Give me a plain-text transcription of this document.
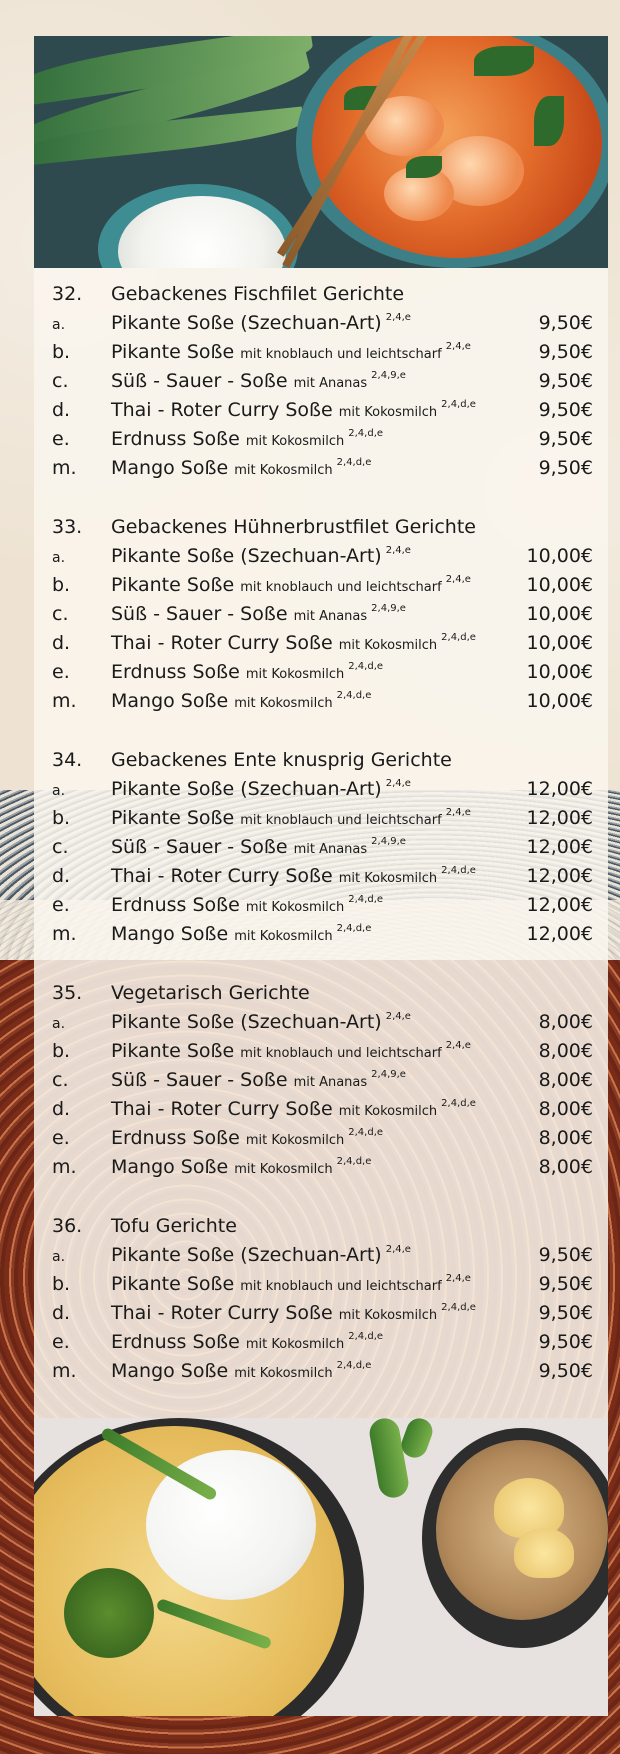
32. Gebackenes Fischfilet Gerichte
a. Pikante Soße (Szechuan-Art) $^{2,4,e}$	9,50€
b. Pikante Soße mit knoblauch und leichtscharf$^{2,4,e}$	9,50€
c. Süß - Sauer - Soße mit Ananas$^{2,4,9,e}$	9,50€
d. Thai - Roter Curry Soße mit Kokosmilch$^{2,4,d,e}$	9,50€
e. Erdnuss Soße mit Kokosmilch$^{2,4,d,e}$	9,50€
m. Mango Soße mit Kokosmilch$^{2,4,d,e}$	9,50€
33. Gebackenes Hühnerbrustfilet Gerichte
a. Pikante Soße (Szechuan-Art) $^{2,4,e}$	10,00€
b. Pikante Soße mit knoblauch und leichtscharf$^{2,4,e}$	10,00€
c. Süß - Sauer - Soße mit Ananas$^{2,4,9,e}$	10,00€
d. Thai - Roter Curry Soße mit Kokosmilch$^{2,4,d,e}$	10,00€
e. Erdnuss Soße mit Kokosmilch$^{2,4,d,e}$	10,00€
m. Mango Soße mit Kokosmilch$^{2,4,d,e}$	10,00€
34. Gebackenes Ente knusprig Gerichte
a. Pikante Soße (Szechuan-Art) $^{2,4,e}$	12,00€
b. Pikante Soße mit knoblauch und leichtscharf$^{2,4,e}$	12,00€
c. Süß - Sauer - Soße mit Ananas$^{2,4,9,e}$	12,00€
d. Thai - Roter Curry Soße mit Kokosmilch$^{2,4,d,e}$	12,00€
e. Erdnuss Soße mit Kokosmilch$^{2,4,d,e}$	12,00€
m. Mango Soße mit Kokosmilch$^{2,4,d,e}$	12,00€
35. Vegetarisch Gerichte
a. Pikante Soße (Szechuan-Art) $^{2,4,e}$	8,00€
b. Pikante Soße mit knoblauch und leichtscharf$^{2,4,e}$	8,00€
c. Süß - Sauer - Soße mit Ananas$^{2,4,9,e}$	8,00€
d. Thai - Roter Curry Soße mit Kokosmilch$^{2,4,d,e}$	8,00€
e. Erdnuss Soße mit Kokosmilch$^{2,4,d,e}$	8,00€
m. Mango Soße mit Kokosmilch$^{2,4,d,e}$	8,00€
36. Tofu Gerichte
a. Pikante Soße (Szechuan-Art) $^{2,4,e}$	9,50€
b. Pikante Soße mit knoblauch und leichtscharf$^{2,4,e}$	9,50€
d. Thai - Roter Curry Soße mit Kokosmilch$^{2,4,d,e}$	9,50€
e. Erdnuss Soße mit Kokosmilch$^{2,4,d,e}$	9,50€
m. Mango Soße mit Kokosmilch$^{2,4,d,e}$	9,50€
